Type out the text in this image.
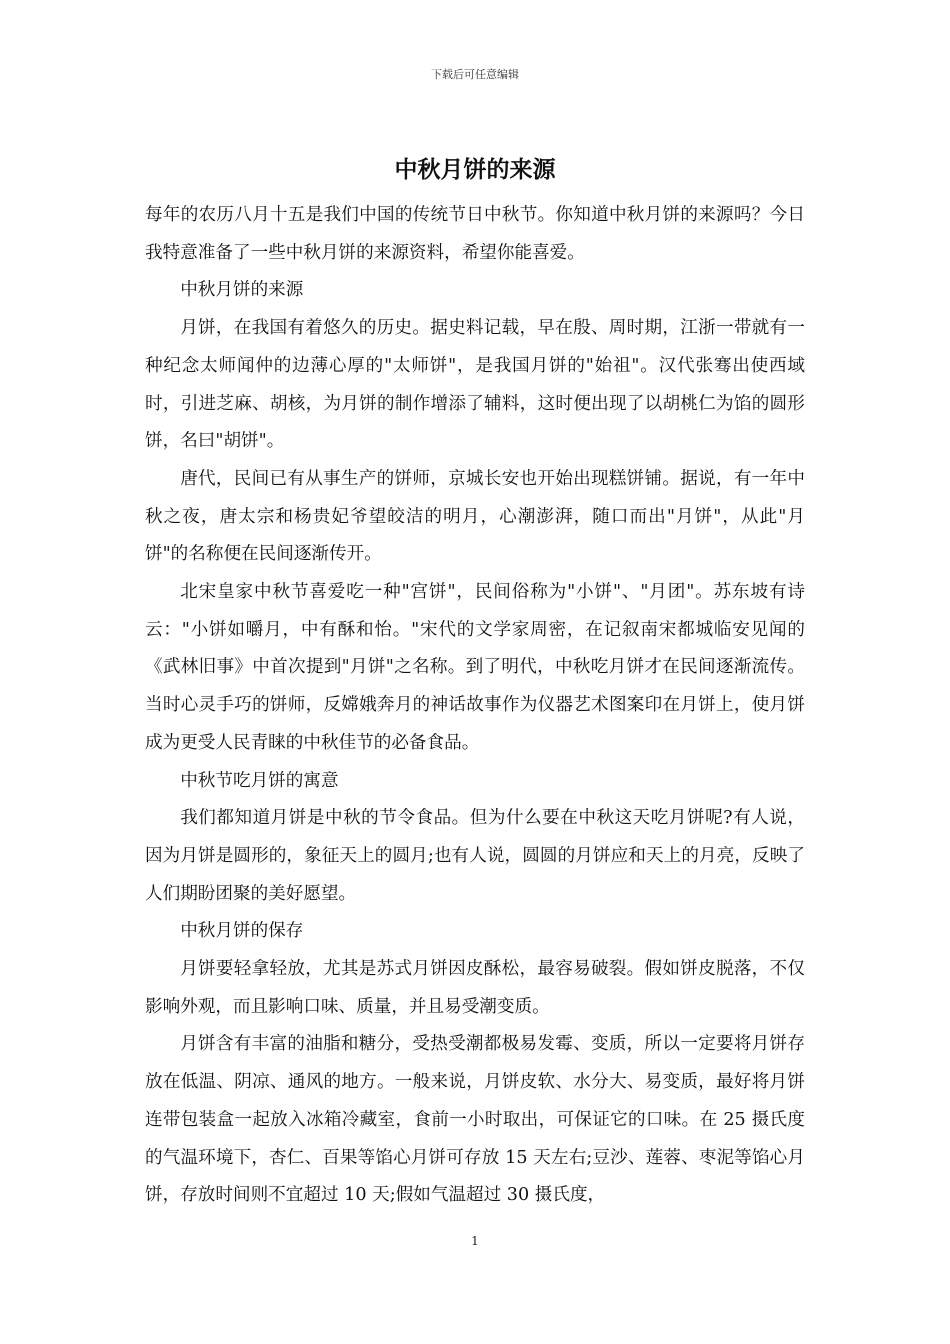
下载后可任意编辑
中秋月饼的来源

每年的农历八月十五是我们中国的传统节日中秋节。你知道中秋月饼的来源吗？今日我特意准备了一些中秋月饼的来源资料，希望你能喜爱。

中秋月饼的来源

月饼，在我国有着悠久的历史。据史料记载，早在殷、周时期，江浙一带就有一种纪念太师闻仲的边薄心厚的"太师饼"，是我国月饼的"始祖"。汉代张骞出使西域时，引进芝麻、胡核，为月饼的制作增添了辅料，这时便出现了以胡桃仁为馅的圆形饼，名曰"胡饼"。

唐代，民间已有从事生产的饼师，京城长安也开始出现糕饼铺。据说，有一年中秋之夜，唐太宗和杨贵妃爷望皎洁的明月，心潮澎湃，随口而出"月饼"，从此"月饼"的名称便在民间逐渐传开。

北宋皇家中秋节喜爱吃一种"宫饼"，民间俗称为"小饼"、"月团"。苏东坡有诗云："小饼如嚼月，中有酥和怡。"宋代的文学家周密，在记叙南宋都城临安见闻的《武林旧事》中首次提到"月饼"之名称。到了明代，中秋吃月饼才在民间逐渐流传。当时心灵手巧的饼师，反嫦娥奔月的神话故事作为仪器艺术图案印在月饼上，使月饼成为更受人民青睐的中秋佳节的必备食品。

中秋节吃月饼的寓意

我们都知道月饼是中秋的节令食品。但为什么要在中秋这天吃月饼呢?有人说，因为月饼是圆形的，象征天上的圆月;也有人说，圆圆的月饼应和天上的月亮，反映了人们期盼团聚的美好愿望。

中秋月饼的保存

月饼要轻拿轻放，尤其是苏式月饼因皮酥松，最容易破裂。假如饼皮脱落，不仅影响外观，而且影响口味、质量，并且易受潮变质。

月饼含有丰富的油脂和糖分，受热受潮都极易发霉、变质，所以一定要将月饼存放在低温、阴凉、通风的地方。一般来说，月饼皮软、水分大、易变质，最好将月饼连带包装盒一起放入冰箱冷藏室，食前一小时取出，可保证它的口味。在 25 摄氏度的气温环境下，杏仁、百果等馅心月饼可存放 15 天左右;豆沙、莲蓉、枣泥等馅心月饼，存放时间则不宜超过 10 天;假如气温超过 30 摄氏度，

1
